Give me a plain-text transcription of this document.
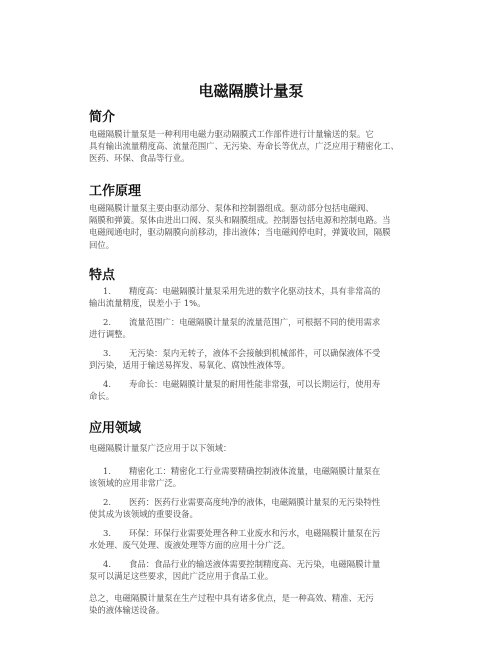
电磁隔膜计量泵
简介
电磁隔膜计量泵是一种利用电磁力驱动隔膜式工作部件进行计量输送的泵。它
具有输出流量精度高、流量范围广、无污染、寿命长等优点，广泛应用于精密化工、
医药、环保、食品等行业。
工作原理
电磁隔膜计量泵主要由驱动部分、泵体和控制器组成。驱动部分包括电磁阀、
隔膜和弹簧。泵体由进出口阀、泵头和隔膜组成。控制器包括电源和控制电路。当
电磁阀通电时，驱动隔膜向前移动，排出液体；当电磁阀停电时，弹簧收回，隔膜
回位。
特点
1. 精度高：电磁隔膜计量泵采用先进的数字化驱动技术，具有非常高的
输出流量精度，误差小于 1%。
2. 流量范围广：电磁隔膜计量泵的流量范围广，可根据不同的使用需求
进行调整。
3. 无污染：泵内无转子，液体不会接触到机械部件，可以确保液体不受
到污染，适用于输送易挥发、易氧化、腐蚀性液体等。
4. 寿命长：电磁隔膜计量泵的耐用性能非常强，可以长期运行，使用寿
命长。
应用领域
电磁隔膜计量泵广泛应用于以下领域：
1. 精密化工：精密化工行业需要精确控制液体流量，电磁隔膜计量泵在
该领域的应用非常广泛。
2. 医药：医药行业需要高度纯净的液体，电磁隔膜计量泵的无污染特性
使其成为该领域的重要设备。
3. 环保：环保行业需要处理各种工业废水和污水，电磁隔膜计量泵在污
水处理、废气处理、废液处理等方面的应用十分广泛。
4. 食品：食品行业的输送液体需要控制精度高、无污染，电磁隔膜计量
泵可以满足这些要求，因此广泛应用于食品工业。
总之，电磁隔膜计量泵在生产过程中具有诸多优点，是一种高效、精准、无污
染的液体输送设备。
